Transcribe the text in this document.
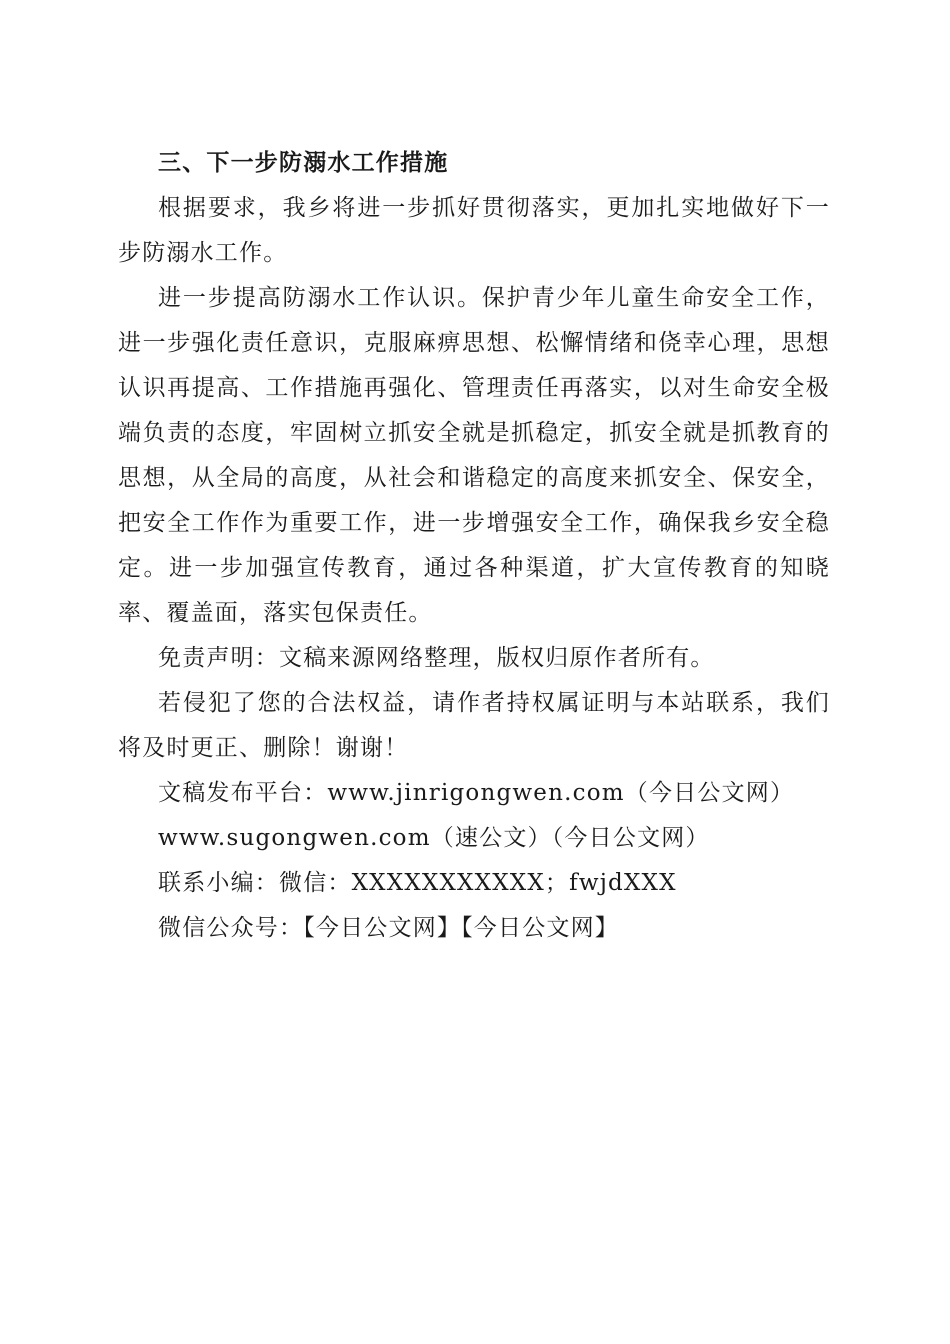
三、下一步防溺水工作措施

根据要求，我乡将进一步抓好贯彻落实，更加扎实地做好下一步防溺水工作。

进一步提高防溺水工作认识。保护青少年儿童生命安全工作，进一步强化责任意识，克服麻痹思想、松懈情绪和侥幸心理，思想认识再提高、工作措施再强化、管理责任再落实，以对生命安全极端负责的态度，牢固树立抓安全就是抓稳定，抓安全就是抓教育的思想，从全局的高度，从社会和谐稳定的高度来抓安全、保安全，把安全工作作为重要工作，进一步增强安全工作，确保我乡安全稳定。进一步加强宣传教育，通过各种渠道，扩大宣传教育的知晓率、覆盖面，落实包保责任。

免责声明：文稿来源网络整理，版权归原作者所有。

若侵犯了您的合法权益，请作者持权属证明与本站联系，我们将及时更正、删除！谢谢！

文稿发布平台：www.jinrigongwen.com（今日公文网）

www.sugongwen.com（速公文）（今日公文网）

联系小编：微信：XXXXXXXXXXX；fwjdXXX

微信公众号：【今日公文网】【今日公文网】
